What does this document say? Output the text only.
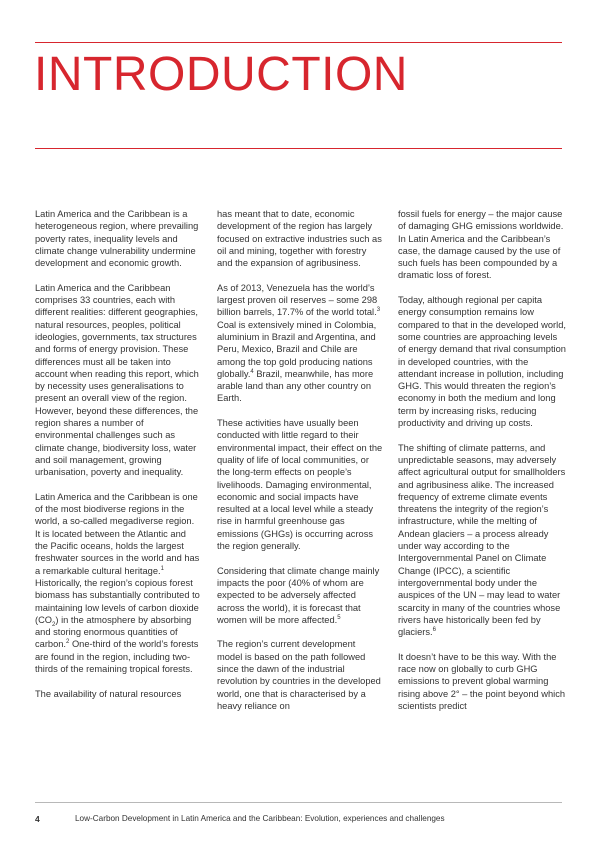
INTRODUCTION

Latin America and the Caribbean is a heterogeneous region, where prevailing poverty rates, inequality levels and climate change vulnerability undermine development and economic growth.

Latin America and the Caribbean comprises 33 countries, each with different realities: different geographies, natural resources, peoples, political ideologies, governments, tax structures and forms of energy provision. These differences must all be taken into account when reading this report, which by necessity uses generalisations to present an overall view of the region. However, beyond these differences, the region shares a number of environmental challenges such as climate change, biodiversity loss, water and soil management, growing urbanisation, poverty and inequality.

Latin America and the Caribbean is one of the most biodiverse regions in the world, a so-called megadiverse region. It is located between the Atlantic and the Pacific oceans, holds the largest freshwater sources in the world and has a remarkable cultural heritage.$^1$ Historically, the region’s copious forest biomass has substantially contributed to maintaining low levels of carbon dioxide $(CO_2)$ in the atmosphere by absorbing and storing enormous quantities of carbon.$^2$ One-third of the world’s forests are found in the region, including two-thirds of the remaining tropical forests.

The availability of natural resources

has meant that to date, economic development of the region has largely focused on extractive industries such as oil and mining, together with forestry and the expansion of agribusiness.

As of 2013, Venezuela has the world’s largest proven oil reserves – some 298 billion barrels, 17.7% of the world total.$^3$ Coal is extensively mined in Colombia, aluminium in Brazil and Argentina, and Peru, Mexico, Brazil and Chile are among the top gold producing nations globally.$^4$ Brazil, meanwhile, has more arable land than any other country on Earth.

These activities have usually been conducted with little regard to their environmental impact, their effect on the quality of life of local communities, or the long-term effects on people’s livelihoods. Damaging environmental, economic and social impacts have resulted at a local level while a steady rise in harmful greenhouse gas emissions (GHGs) is occurring across the region generally.

Considering that climate change mainly impacts the poor (40% of whom are expected to be adversely affected across the world), it is forecast that women will be more affected.$^5$

The region’s current development model is based on the path followed since the dawn of the industrial revolution by countries in the developed world, one that is characterised by a heavy reliance on

fossil fuels for energy – the major cause of damaging GHG emissions worldwide. In Latin America and the Caribbean’s case, the damage caused by the use of such fuels has been compounded by a dramatic loss of forest.

Today, although regional per capita energy consumption remains low compared to that in the developed world, some countries are approaching levels of energy demand that rival consumption in developed countries, with the attendant increase in pollution, including GHG. This would threaten the region’s economy in both the medium and long term by increasing risks, reducing productivity and driving up costs.

The shifting of climate patterns, and unpredictable seasons, may adversely affect agricultural output for smallholders and agribusiness alike. The increased frequency of extreme climate events threatens the integrity of the region’s infrastructure, while the melting of Andean glaciers – a process already under way according to the Intergovernmental Panel on Climate Change (IPCC), a scientific intergovernmental body under the auspices of the UN – may lead to water scarcity in many of the countries whose rivers have historically been fed by glaciers.$^6$

It doesn’t have to be this way. With the race now on globally to curb GHG emissions to prevent global warming rising above 2° – the point beyond which scientists predict

4	Low-Carbon Development in Latin America and the Caribbean: Evolution, experiences and challenges
